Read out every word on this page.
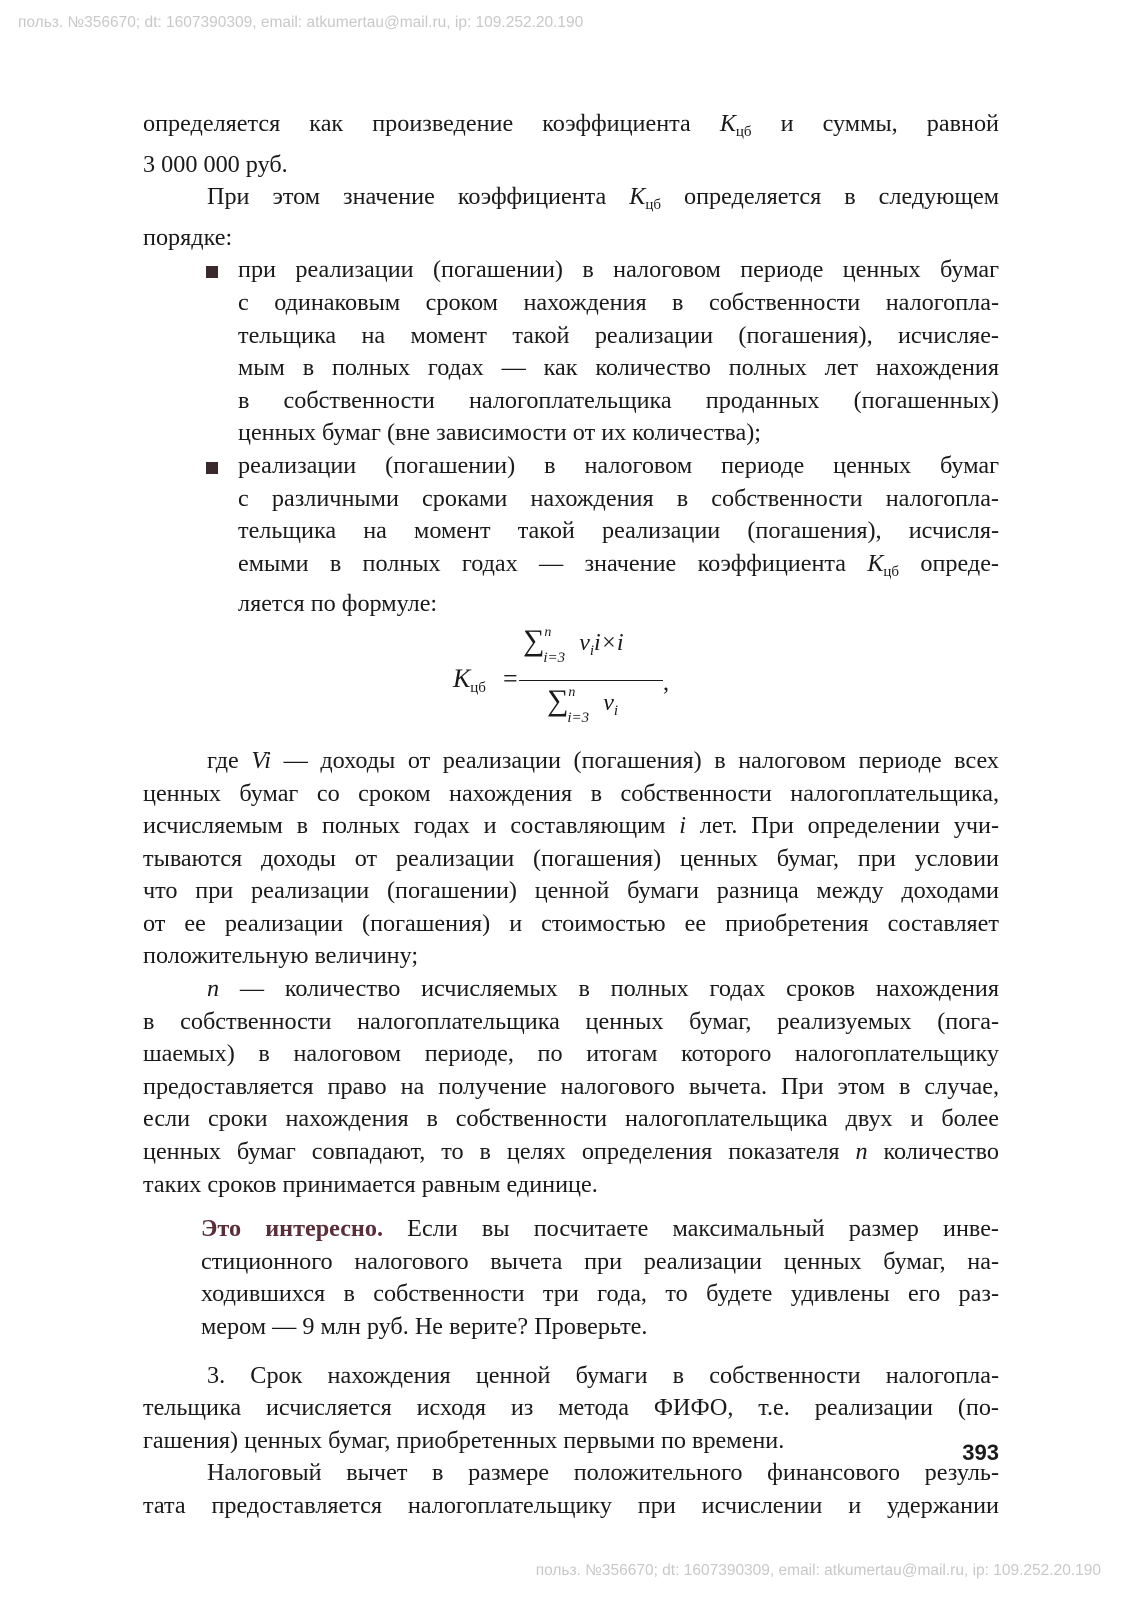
польз. №356670; dt: 1607390309, email: atkumertau@mail.ru, ip: 109.252.20.190

определяется как произведение коэффициента $К_{цб}$ и суммы, равной
3 000 000 руб.

При этом значение коэффициента $К_{цб}$ определяется в следующем

порядке:

при реализации (погашении) в налоговом периоде ценных бумаг
с одинаковым сроком нахождения в собственности налогопла-
тельщика на момент такой реализации (погашения), исчисляе-
мым в полных годах — как количество полных лет нахождения
в собственности налогоплательщика проданных (погашенных)
ценных бумаг (вне зависимости от их количества);
реализации (погашении) в налоговом периоде ценных бумаг
с различными сроками нахождения в собственности налогопла-
тельщика на момент такой реализации (погашения), исчисля-
емыми в полных годах — значение коэффициента $К_{цб}$ опреде-
ляется по формуле:
$К_{цб}$ =
∑$^n_{i=3}$ $v_ii\times i$
∑$^n_{i=3}$ $v_i$
,

где Vi — доходы от реализации (погашения) в налоговом периоде всех

ценных бумаг со сроком нахождения в собственности налогоплательщика,
исчисляемым в полных годах и составляющим i лет. При определении учи-
тываются доходы от реализации (погашения) ценных бумаг, при условии
что при реализации (погашении) ценной бумаги разница между доходами
от ее реализации (погашения) и стоимостью ее приобретения составляет
положительную величину;

n — количество исчисляемых в полных годах сроков нахождения

в собственности налогоплательщика ценных бумаг, реализуемых (пога-
шаемых) в налоговом периоде, по итогам которого налогоплательщику
предоставляется право на получение налогового вычета. При этом в случае,
если сроки нахождения в собственности налогоплательщика двух и более
ценных бумаг совпадают, то в целях определения показателя n количество
таких сроков принимается равным единице.

Это интересно. Если вы посчитаете максимальный размер инве-
стиционного налогового вычета при реализации ценных бумаг, на-
ходившихся в собственности три года, то будете удивлены его раз-
мером — 9 млн руб. Не верите? Проверьте.

3. Срок нахождения ценной бумаги в собственности налогопла-

тельщика исчисляется исходя из метода ФИФО, т.е. реализации (по-
гашения) ценных бумаг, приобретенных первыми по времени.

Налоговый вычет в размере положительного финансового резуль-

тата предоставляется налогоплательщику при исчислении и удержании

393
польз. №356670; dt: 1607390309, email: atkumertau@mail.ru, ip: 109.252.20.190
